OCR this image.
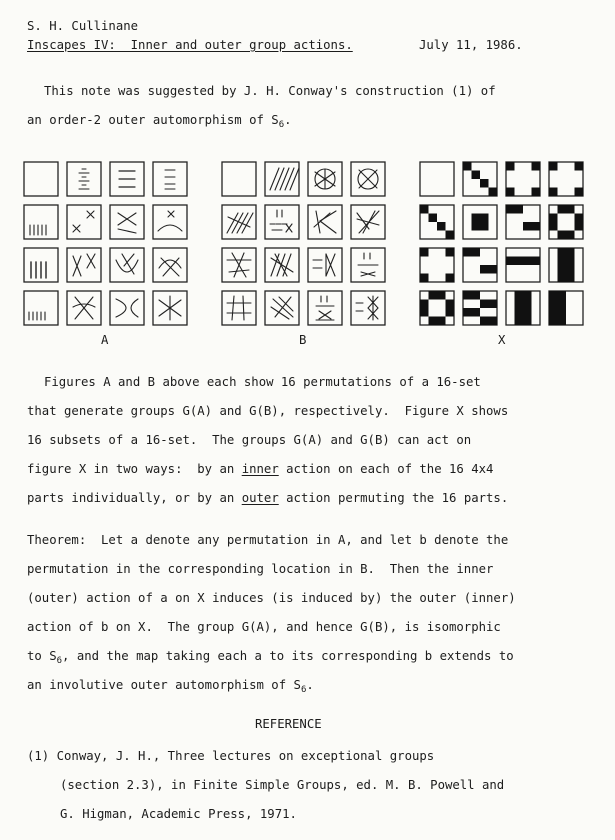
S. H. Cullinane
Inscapes IV:  Inner and outer group actions.	July 11, 1986.
This note was suggested by J. H. Conway's construction (1) of
an order-2 outer automorphism of $S_6$.
A	B	X
Figures A and B above each show 16 permutations of a 16-set
that generate groups G(A) and G(B), respectively.  Figure X shows
16 subsets of a 16-set.  The groups G(A) and G(B) can act on
figure X in two ways:  by an inner action on each of the 16 4x4
parts individually, or by an outer action permuting the 16 parts.
Theorem:  Let a denote any permutation in A, and let b denote the
permutation in the corresponding location in B.  Then the inner
(outer) action of a on X induces (is induced by) the outer (inner)
action of b on X.  The group G(A), and hence G(B), is isomorphic
to $S_6$, and the map taking each a to its corresponding b extends to
an involutive outer automorphism of $S_6$.
REFERENCE
(1) Conway, J. H., Three lectures on exceptional groups
(section 2.3), in Finite Simple Groups, ed. M. B. Powell and
G. Higman, Academic Press, 1971.
